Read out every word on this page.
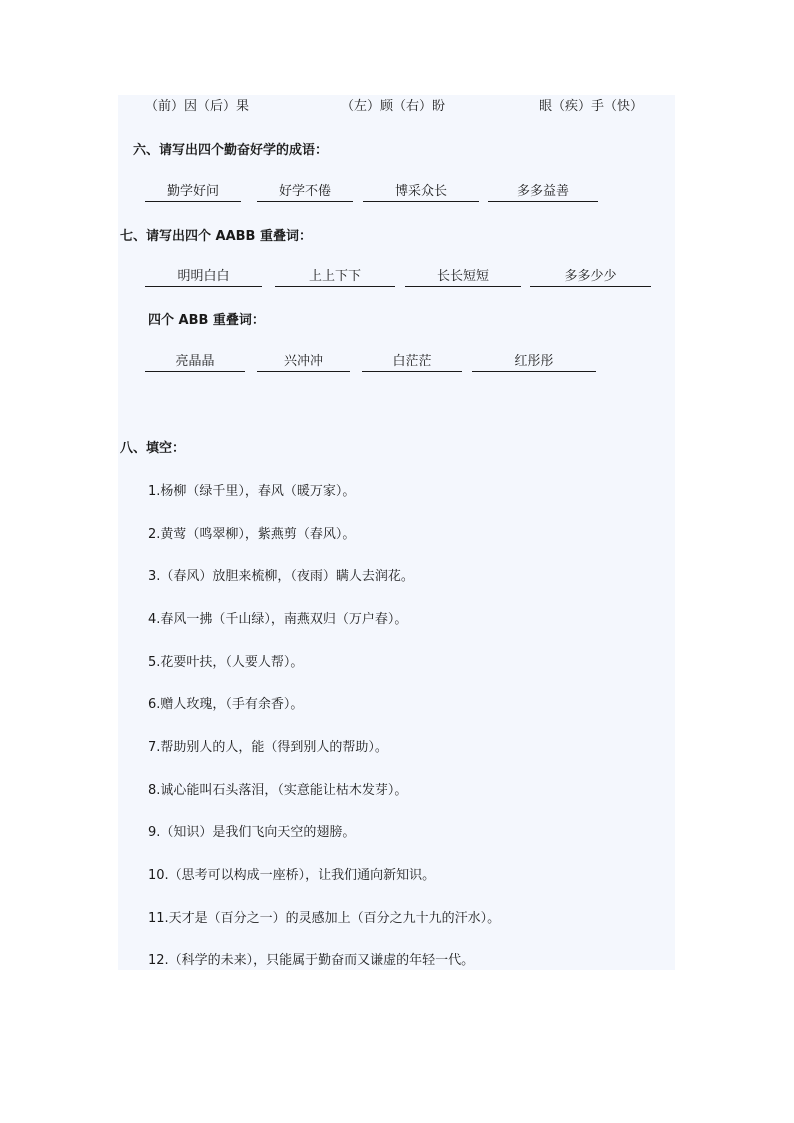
（前）因（后）果	（左）顾（右）盼	眼（疾）手（快）
六、请写出四个勤奋好学的成语：
勤学好问	好学不倦	博采众长	多多益善
七、请写出四个 AABB 重叠词：
明明白白	上上下下	长长短短	多多少少
四个 ABB 重叠词：
亮晶晶	兴冲冲	白茫茫	红彤彤
八、填空：
1.杨柳（绿千里），春风（暖万家）。
2.黄莺（鸣翠柳），紫燕剪（春风）。
3.（春风）放胆来梳柳，（夜雨）瞒人去润花。
4.春风一拂（千山绿），南燕双归（万户春）。
5.花要叶扶，（人要人帮）。
6.赠人玫瑰，（手有余香）。
7.帮助别人的人，能（得到别人的帮助）。
8.诚心能叫石头落泪，（实意能让枯木发芽）。
9.（知识）是我们飞向天空的翅膀。
10.（思考可以构成一座桥），让我们通向新知识。
11.天才是（百分之一）的灵感加上（百分之九十九的汗水）。
12.（科学的未来），只能属于勤奋而又谦虚的年轻一代。
